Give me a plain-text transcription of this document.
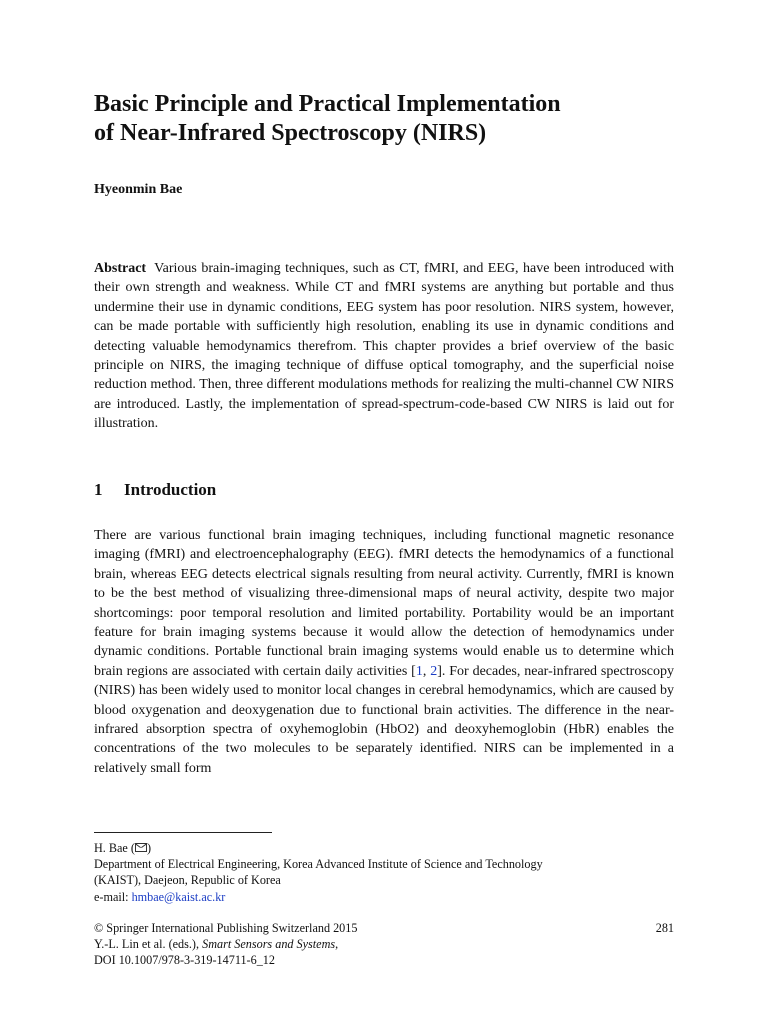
Basic Principle and Practical Implementation
of Near-Infrared Spectroscopy (NIRS)
Hyeonmin Bae

Abstract Various brain-imaging techniques, such as CT, fMRI, and EEG, have been introduced with their own strength and weakness. While CT and fMRI systems are anything but portable and thus undermine their use in dynamic conditions, EEG system has poor resolution. NIRS system, however, can be made portable with sufficiently high resolution, enabling its use in dynamic conditions and detecting valuable hemodynamics therefrom. This chapter provides a brief overview of the basic principle on NIRS, the imaging technique of diffuse optical tomography, and the superficial noise reduction method. Then, three different modulations methods for realizing the multi-channel CW NIRS are introduced. Lastly, the implementation of spread-spectrum-code-based CW NIRS is laid out for illustration.

1 Introduction

There are various functional brain imaging techniques, including functional magnetic resonance imaging (fMRI) and electroencephalography (EEG). fMRI detects the hemodynamics of a functional brain, whereas EEG detects electrical signals resulting from neural activity. Currently, fMRI is known to be the best method of visualizing three-dimensional maps of neural activity, despite two major shortcomings: poor temporal resolution and limited portability. Portability would be an important feature for brain imaging systems because it would allow the detection of hemodynamics under dynamic conditions. Portable functional brain imaging systems would enable us to determine which brain regions are associated with certain daily activities [1, 2]. For decades, near-infrared spectroscopy (NIRS) has been widely used to monitor local changes in cerebral hemodynamics, which are caused by blood oxygenation and deoxygenation due to functional brain activities. The difference in the near-infrared absorption spectra of oxyhemoglobin (HbO2) and deoxyhemoglobin (HbR) enables the concentrations of the two molecules to be separately identified. NIRS can be implemented in a relatively small form

H. Bae ( )
Department of Electrical Engineering, Korea Advanced Institute of Science and Technology
(KAIST), Daejeon, Republic of Korea
e-mail: hmbae@kaist.ac.kr
© Springer International Publishing Switzerland 2015	281
Y.-L. Lin et al. (eds.), Smart Sensors and Systems,
DOI 10.1007/978-3-319-14711-6_12
